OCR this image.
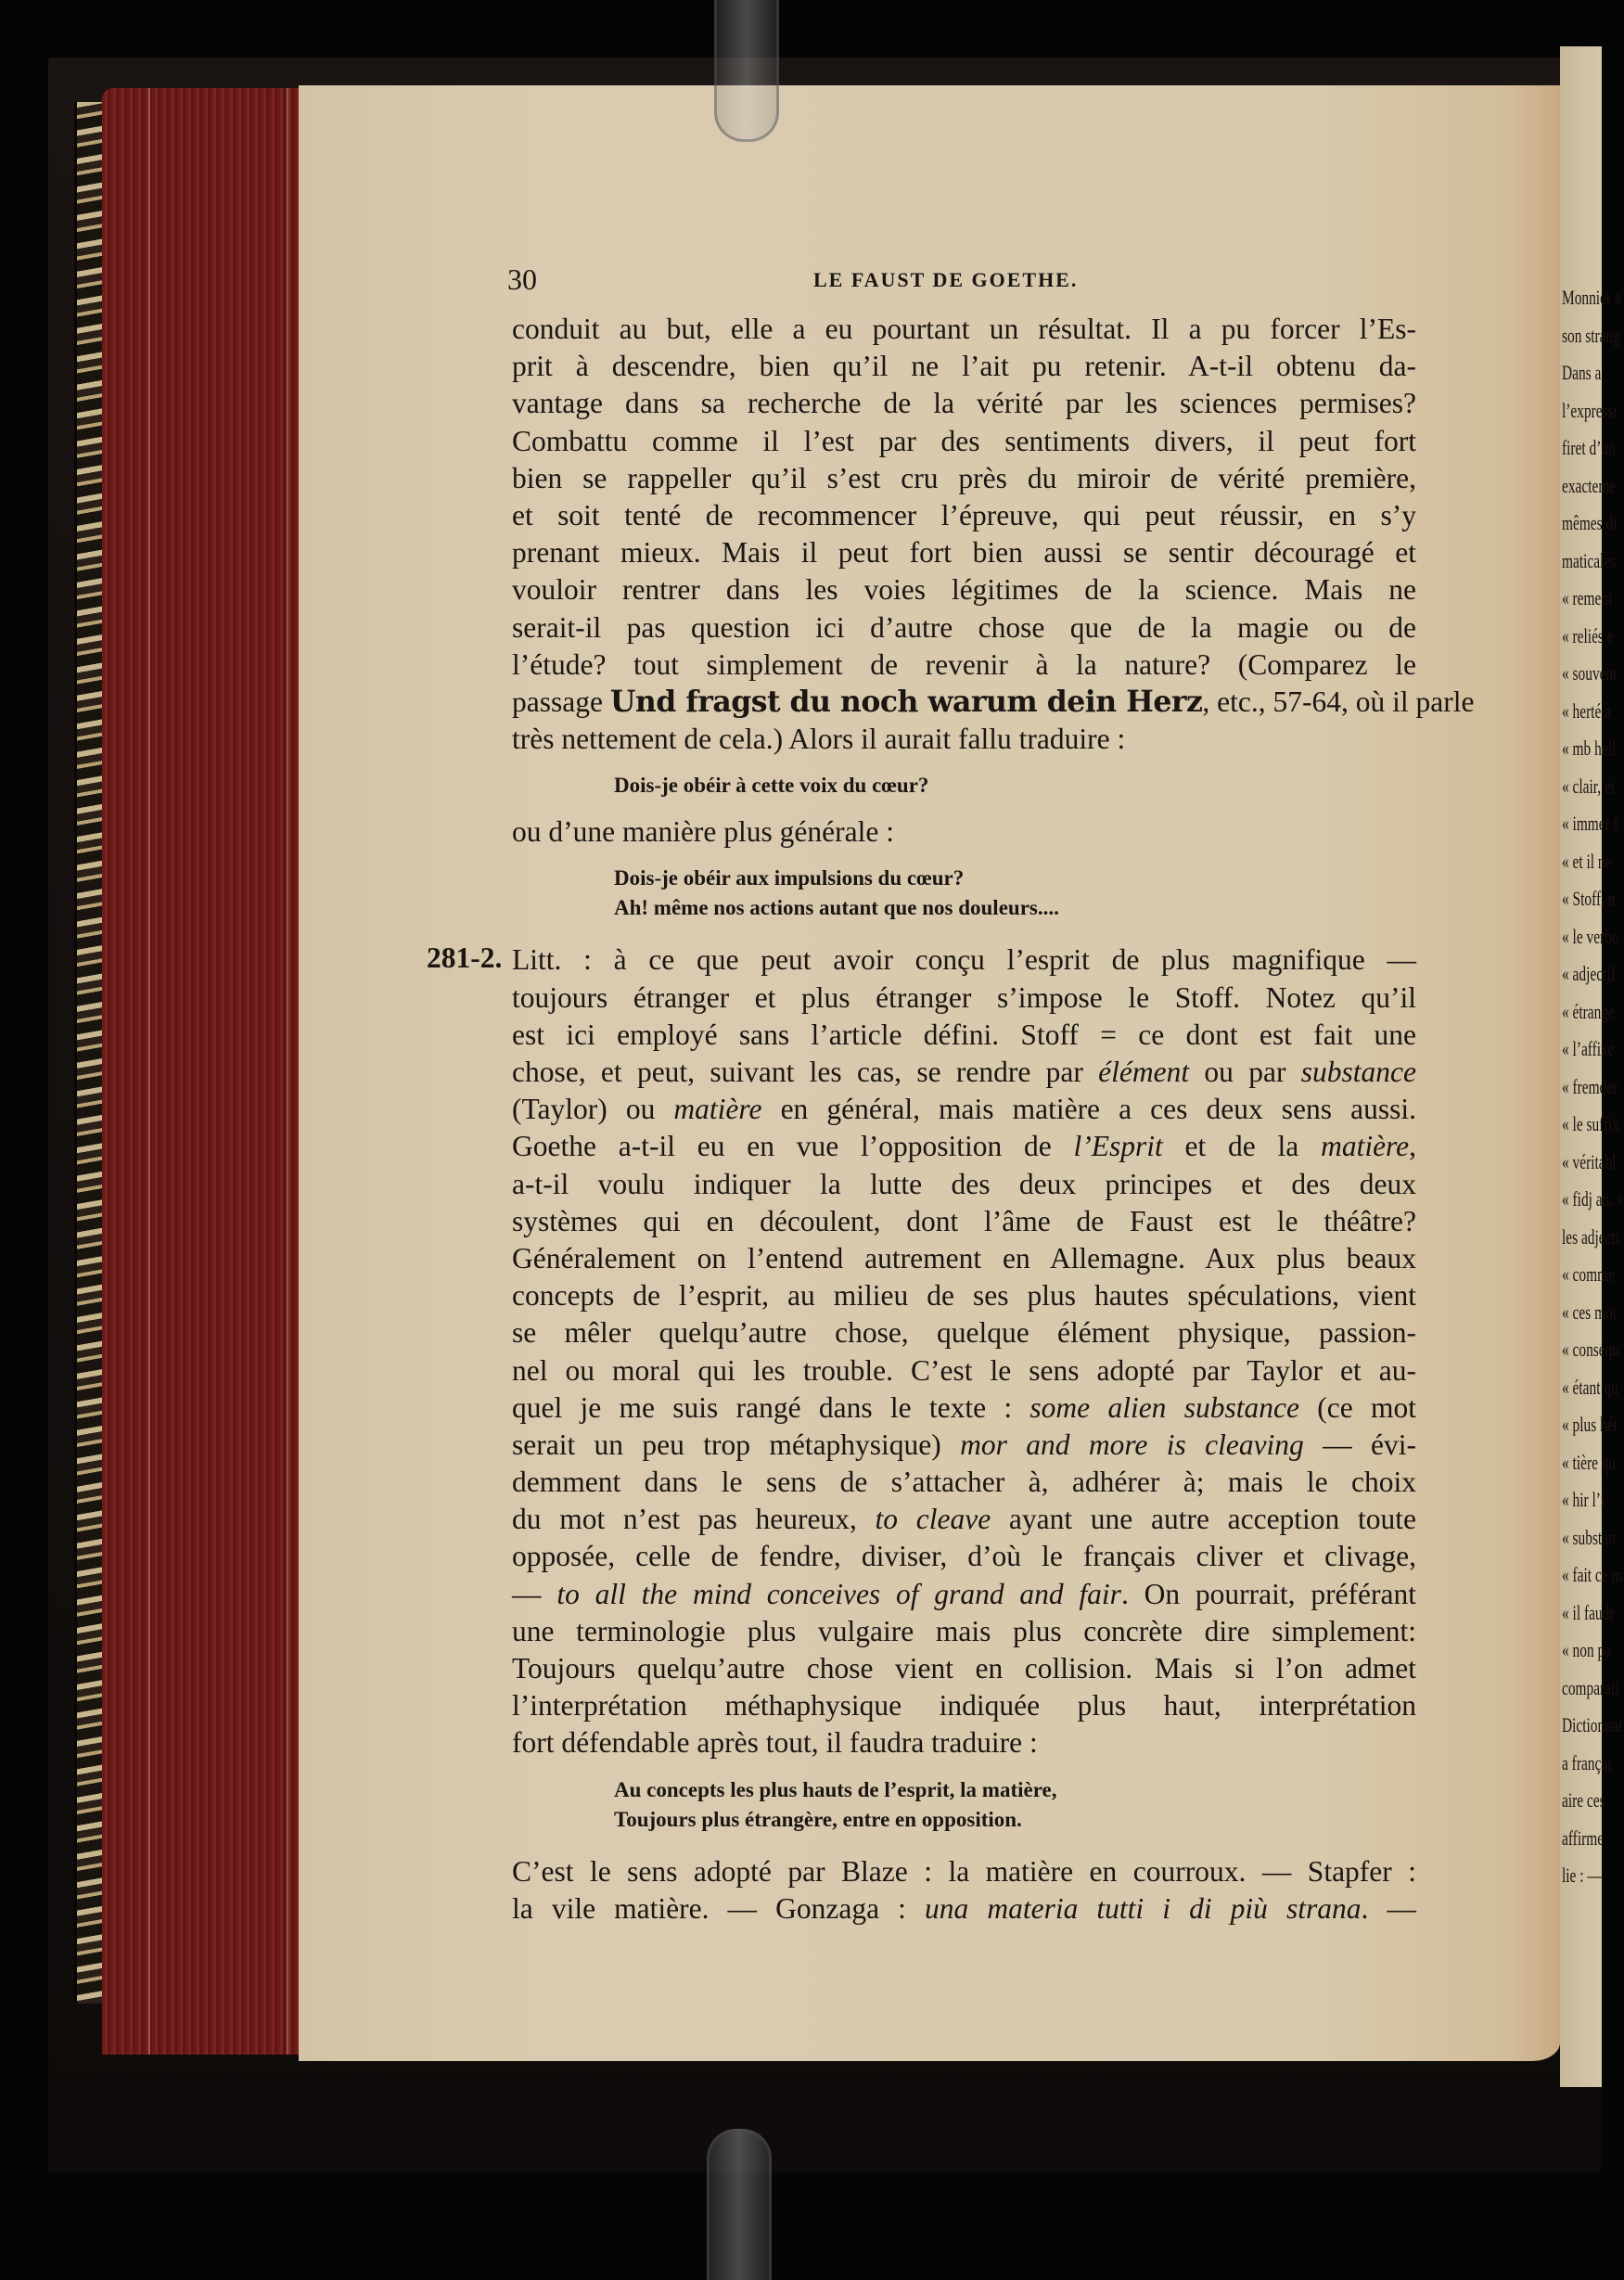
Monnier a
son strang
Dans a
l’expressi
firet d’un
exacteme
mêmes di
maticales
« rement
« reliés e
« souvent
« herté a
« mb hell
« clair, et
« immer f
« et il ne
« Stoff, n
« le verbe
« adjectif
« étrange
« l’affixe
« fremder
« le suffix
« véritabl
« fidj an. »
les adjecti
« comme
« ces mot
« conséqu
« étant qu
« plus hét
« tière qu
« hir l’i
« substan
« fait ce m
« il faudr
« non pa
comparati
Dictionnai
a françai
aire ces
affirme
lie : —
30	LE FAUST DE GOETHE.
conduit au but, elle a eu pourtant un résultat. Il a pu forcer l’Es-
prit à descendre, bien qu’il ne l’ait pu retenir. A-t-il obtenu da-
vantage dans sa recherche de la vérité par les sciences permises?
Combattu comme il l’est par des sentiments divers, il peut fort
bien se rappeller qu’il s’est cru près du miroir de vérité première,
et soit tenté de recommencer l’épreuve, qui peut réussir, en s’y
prenant mieux. Mais il peut fort bien aussi se sentir découragé et
vouloir rentrer dans les voies légitimes de la science. Mais ne
serait-il pas question ici d’autre chose que de la magie ou de
l’étude? tout simplement de revenir à la nature? (Comparez le
passage Und fragst du noch warum dein Herz, etc., 57-64, où il parle
très nettement de cela.) Alors il aurait fallu traduire :
Dois-je obéir à cette voix du cœur?
ou d’une manière plus générale :
Dois-je obéir aux impulsions du cœur?
Ah! même nos actions autant que nos douleurs....
281-2. Litt. : à ce que peut avoir conçu l’esprit de plus magnifique —
toujours étranger et plus étranger s’impose le Stoff. Notez qu’il
est ici employé sans l’article défini. Stoff = ce dont est fait une
chose, et peut, suivant les cas, se rendre par élément ou par substance
(Taylor) ou matière en général, mais matière a ces deux sens aussi.
Goethe a-t-il eu en vue l’opposition de l’Esprit et de la matière,
a-t-il voulu indiquer la lutte des deux principes et des deux
systèmes qui en découlent, dont l’âme de Faust est le théâtre?
Généralement on l’entend autrement en Allemagne. Aux plus beaux
concepts de l’esprit, au milieu de ses plus hautes spéculations, vient
se mêler quelqu’autre chose, quelque élément physique, passion-
nel ou moral qui les trouble. C’est le sens adopté par Taylor et au-
quel je me suis rangé dans le texte : some alien substance (ce mot
serait un peu trop métaphysique) mor and more is cleaving — évi-
demment dans le sens de s’attacher à, adhérer à; mais le choix
du mot n’est pas heureux, to cleave ayant une autre acception toute
opposée, celle de fendre, diviser, d’où le français cliver et clivage,
— to all the mind conceives of grand and fair. On pourrait, préférant
une terminologie plus vulgaire mais plus concrète dire simplement:
Toujours quelqu’autre chose vient en collision. Mais si l’on admet
l’interprétation méthaphysique indiquée plus haut, interprétation
fort défendable après tout, il faudra traduire :
Au concepts les plus hauts de l’esprit, la matière,
Toujours plus étrangère, entre en opposition.
C’est le sens adopté par Blaze : la matière en courroux. — Stapfer :
la vile matière. — Gonzaga : una materia tutti i di più strana. —
